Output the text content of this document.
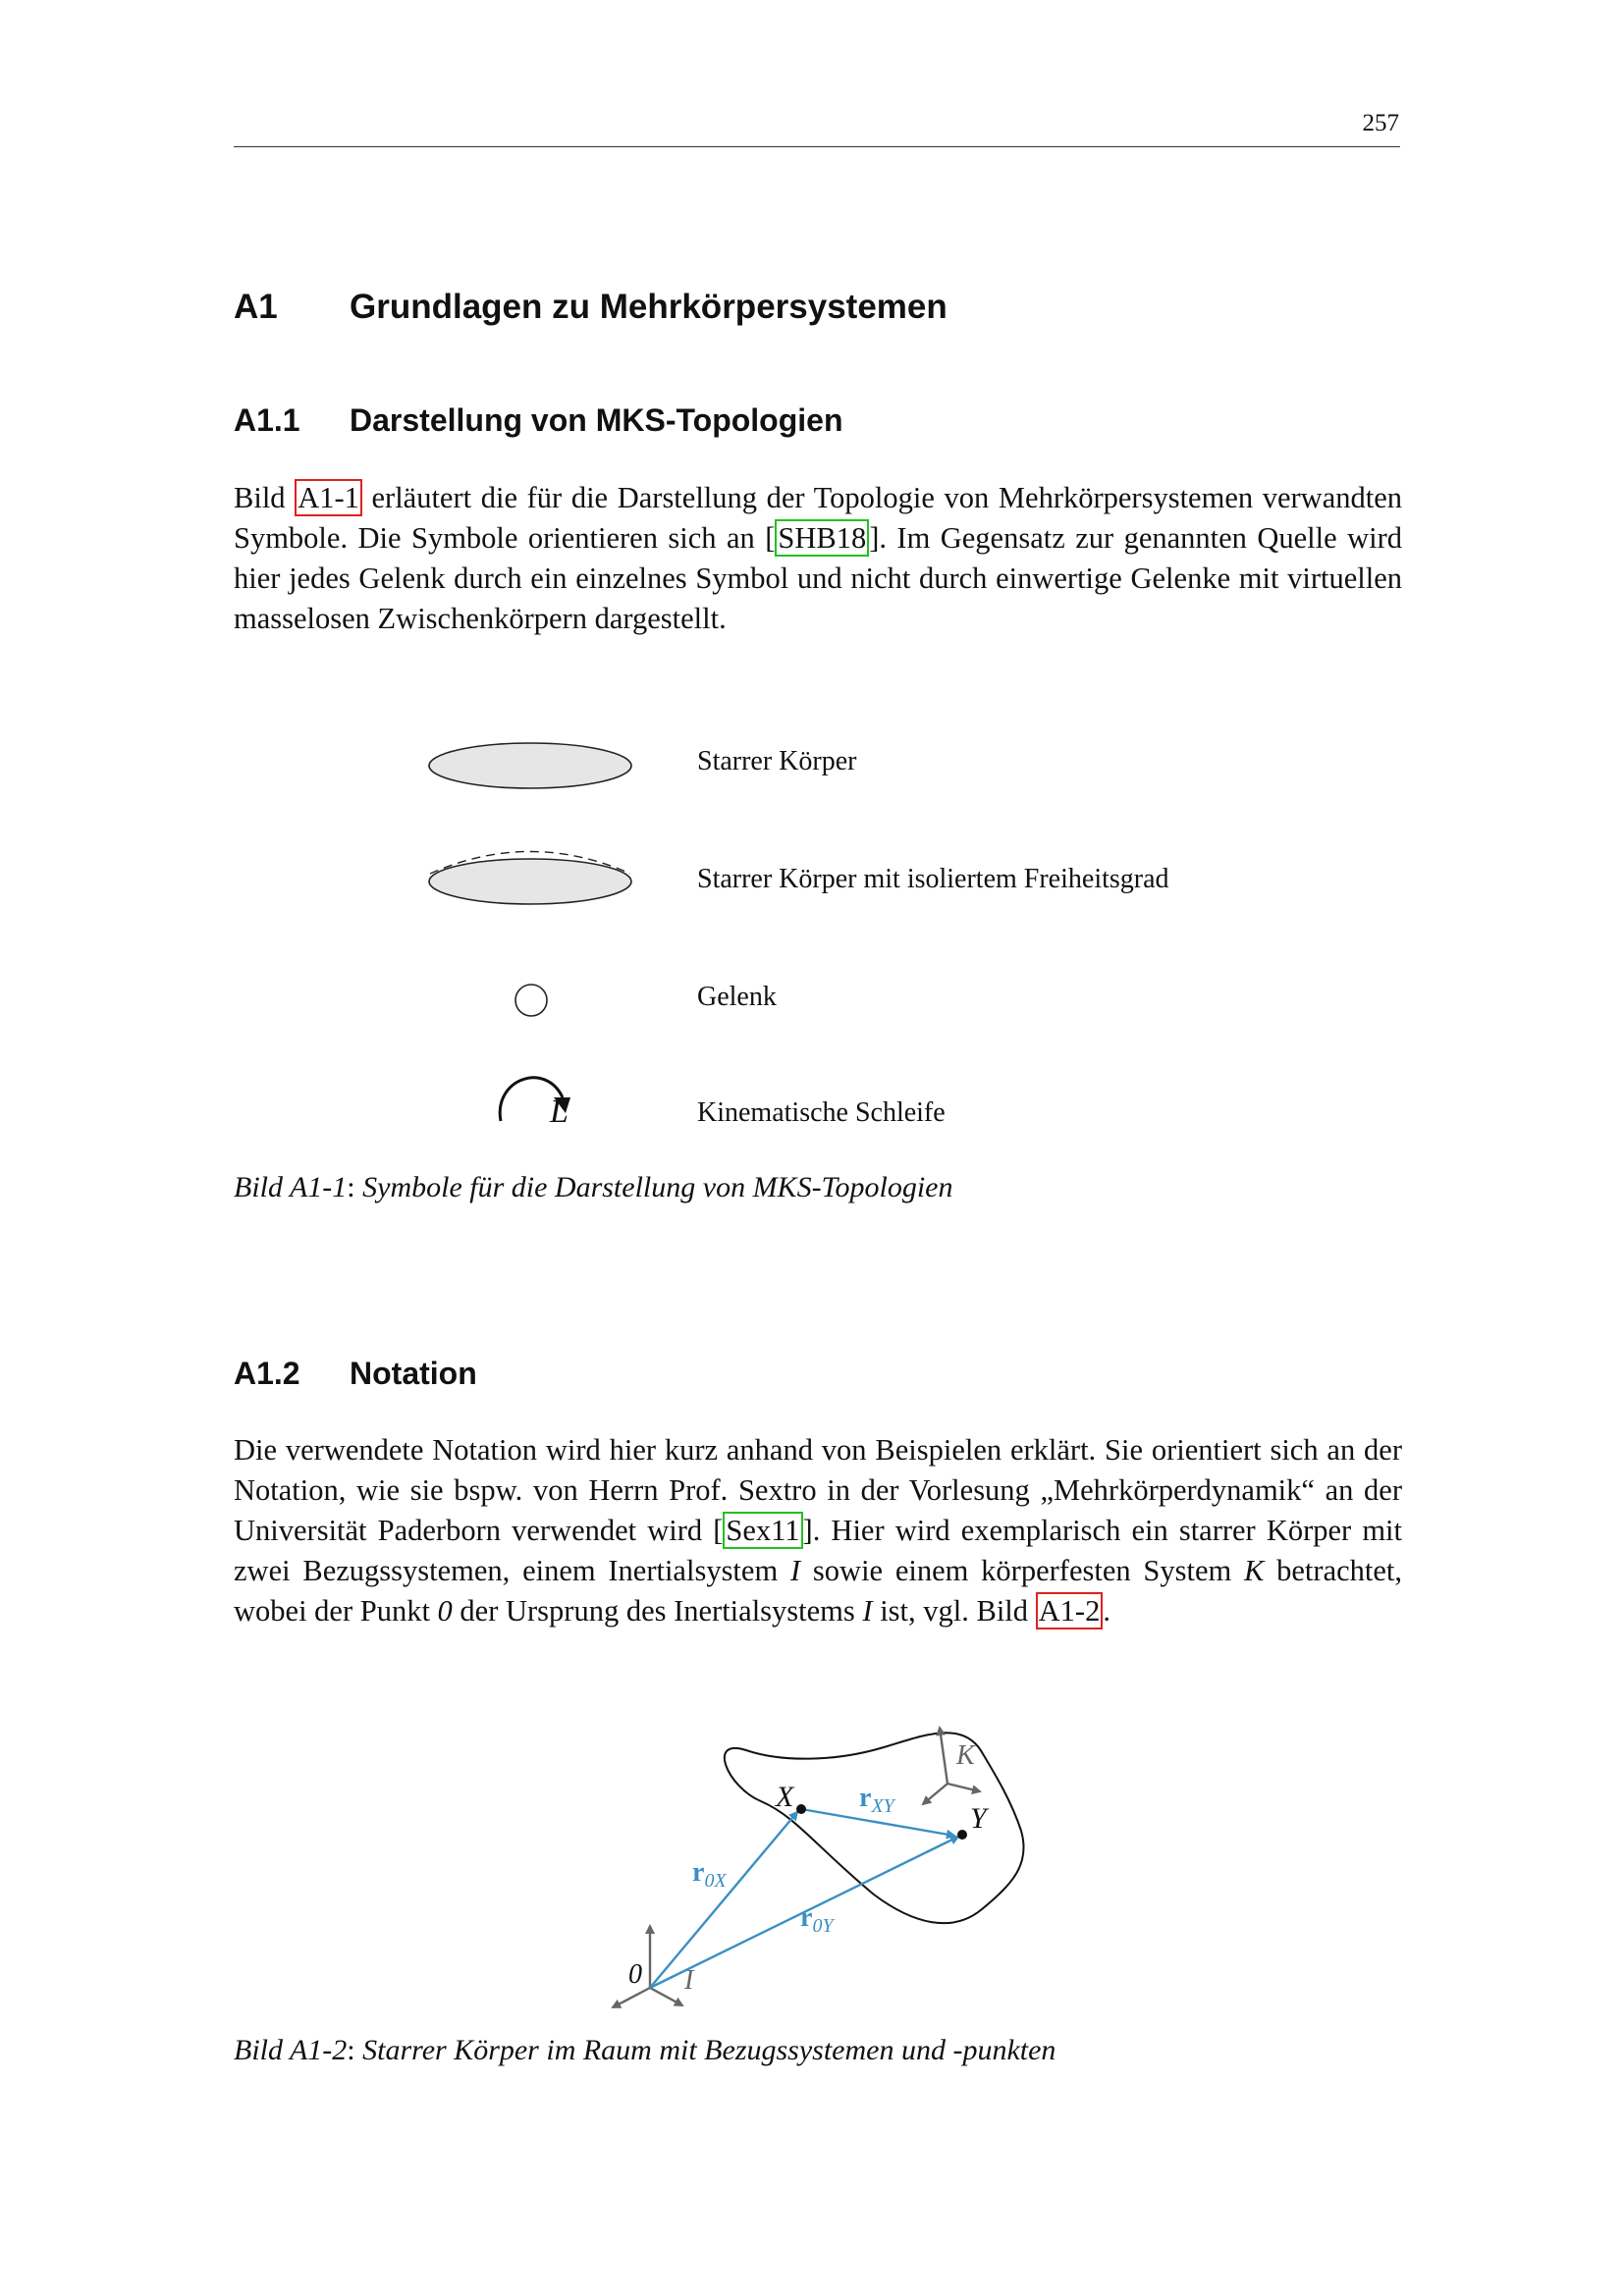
257
A1 Grundlagen zu Mehrkörpersystemen
A1.1 Darstellung von MKS-Topologien

Bild A1-1 erläutert die für die Darstellung der Topologie von Mehrkörpersystemen verwandten Symbole. Die Symbole orientieren sich an [SHB18]. Im Gegensatz zur genannten Quelle wird hier jedes Gelenk durch ein einzelnes Symbol und nicht durch einwertige Gelenke mit virtuellen masselosen Zwischenkörpern dargestellt.

L
Starrer Körper
Starrer Körper mit isoliertem Freiheitsgrad
Gelenk
Kinematische Schleife
Bild A1-1: Symbole für die Darstellung von MKS-Topologien
A1.2 Notation

Die verwendete Notation wird hier kurz anhand von Beispielen erklärt. Sie orientiert sich an der Notation, wie sie bspw. von Herrn Prof. Sextro in der Vorlesung „Mehrkörperdynamik“ an der Universität Paderborn verwendet wird [Sex11]. Hier wird exemplarisch ein starrer Körper mit zwei Bezugssystemen, einem Inertialsystem I sowie einem körperfesten System K betrachtet, wobei der Punkt 0 der Ursprung des Inertialsystems I ist, vgl. Bild A1-2.

X
Y
K
I
0
r0X
r0Y
rXY
Bild A1-2: Starrer Körper im Raum mit Bezugssystemen und -punkten
